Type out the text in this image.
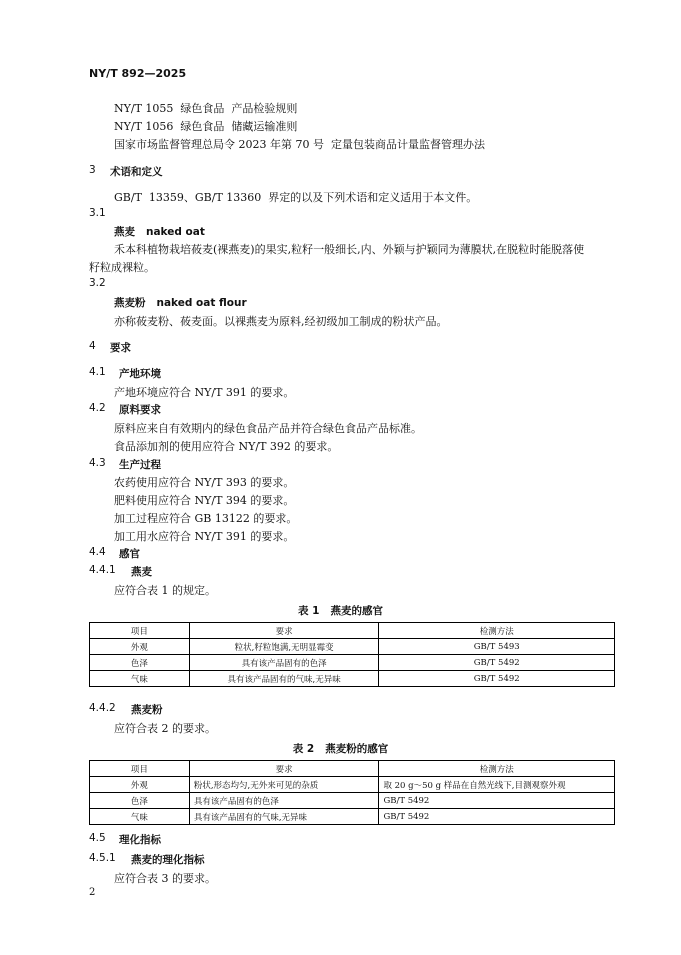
NY/T 892—2025
NY/T 1055  绿色食品  产品检验规则
NY/T 1056  绿色食品  储藏运输准则
国家市场监督管理总局令 2023 年第 70 号  定量包装商品计量监督管理办法
3 术语和定义
GB/T  13359、GB/T 13360  界定的以及下列术语和定义适用于本文件。
3.1
燕麦   naked oat
禾本科植物栽培莜麦(裸燕麦)的果实,粒籽一般细长,内、外颖与护颖同为薄膜状,在脱粒时能脱落使
籽粒成裸粒。
3.2
燕麦粉   naked oat flour
亦称莜麦粉、莜麦面。以裸燕麦为原料,经初级加工制成的粉状产品。
4 要求
4.1 产地环境
产地环境应符合 NY/T 391 的要求。
4.2 原料要求
原料应来自有效期内的绿色食品产品并符合绿色食品产品标准。
食品添加剂的使用应符合 NY/T 392 的要求。
4.3 生产过程
农药使用应符合 NY/T 393 的要求。
肥料使用应符合 NY/T 394 的要求。
加工过程应符合 GB 13122 的要求。
加工用水应符合 NY/T 391 的要求。
4.4 感官
4.4.1 燕麦
应符合表 1 的规定。
表 1   燕麦的感官
项目	要求	检测方法
外观	粒状,籽粒饱满,无明显霉变	GB/T 5493
色泽	具有该产品固有的色泽	GB/T 5492
气味	具有该产品固有的气味,无异味	GB/T 5492
4.4.2 燕麦粉
应符合表 2 的要求。
表 2   燕麦粉的感官
项目	要求	检测方法
外观	粉状,形态均匀,无外来可见的杂质	取 20 g～50 g 样品在自然光线下,目测观察外观
色泽	具有该产品固有的色泽	GB/T 5492
气味	具有该产品固有的气味,无异味	GB/T 5492
4.5 理化指标
4.5.1 燕麦的理化指标
应符合表 3 的要求。
2
